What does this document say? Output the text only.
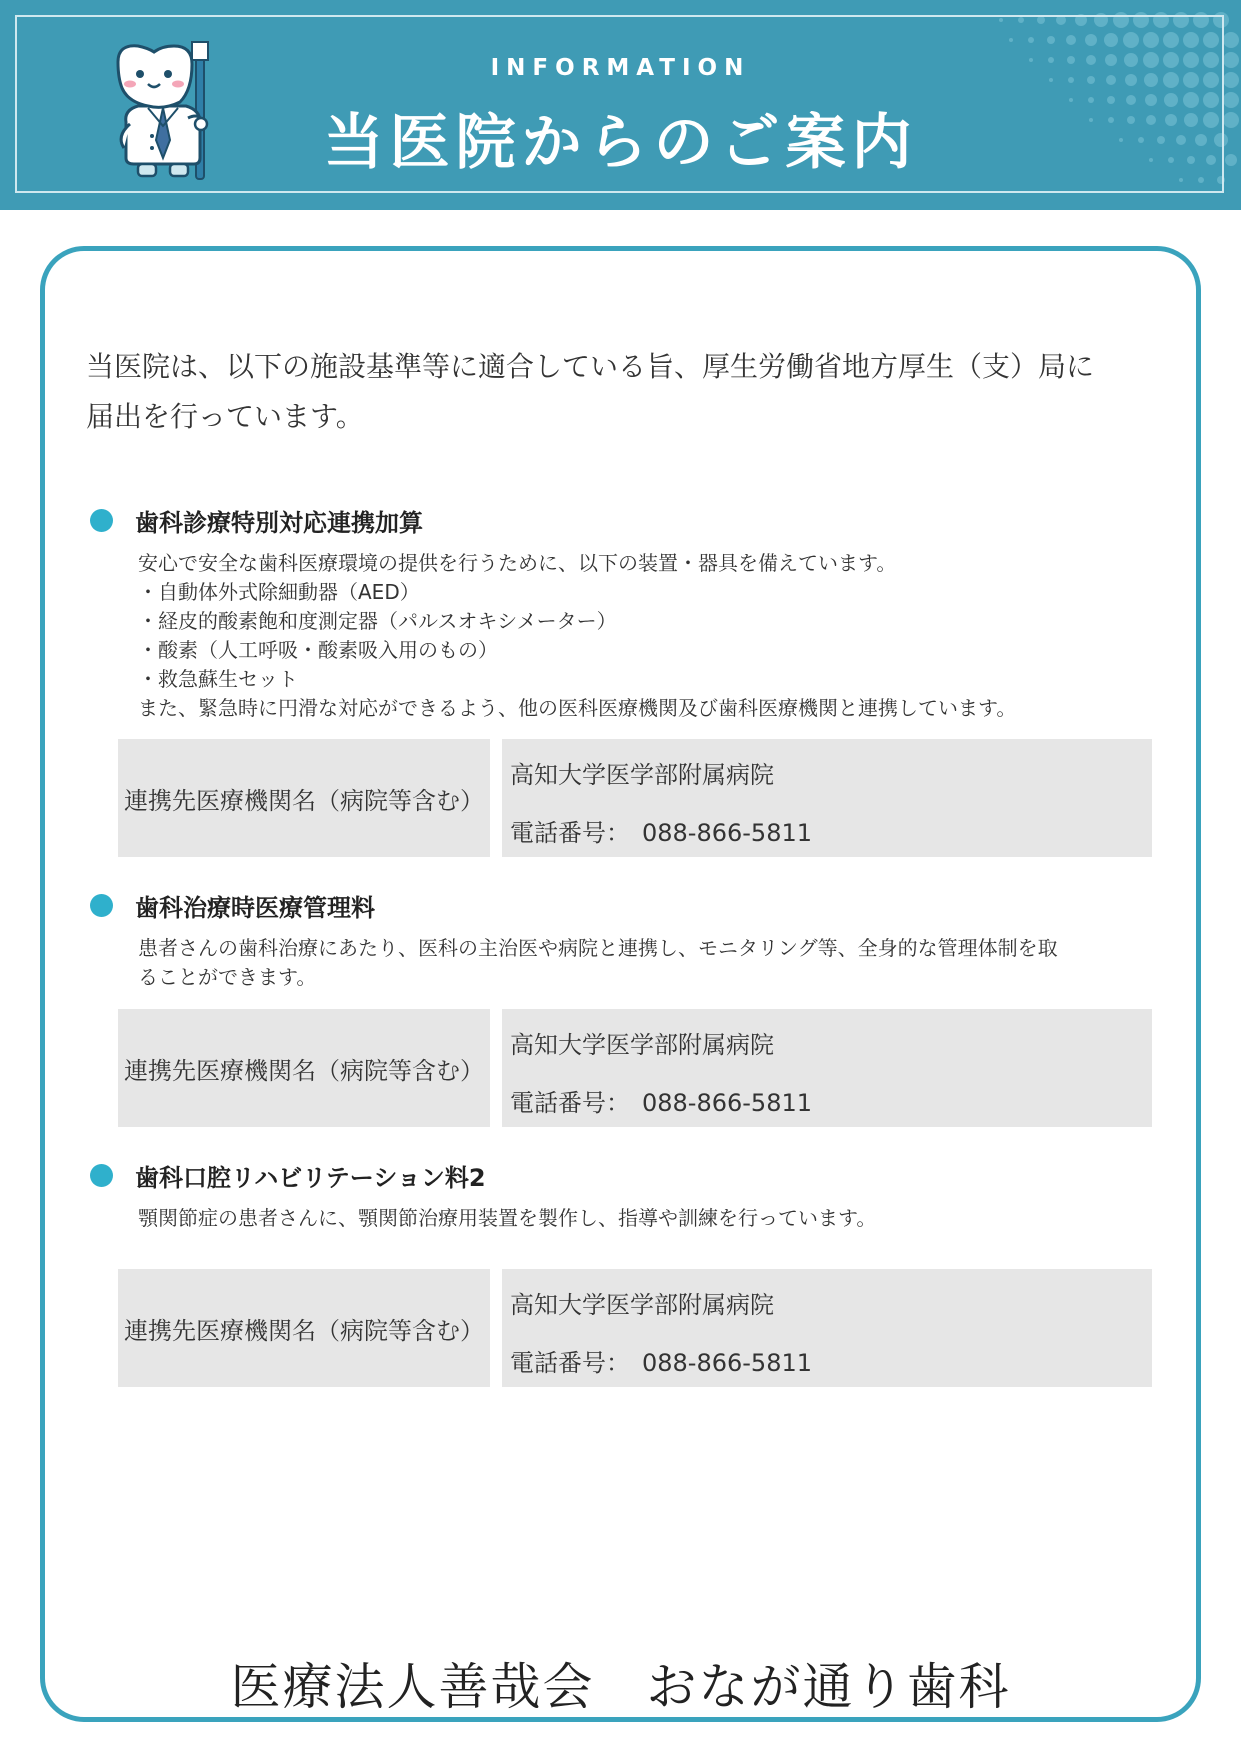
INFORMATION
当医院からのご案内
当医院は、以下の施設基準等に適合している旨、厚生労働省地方厚生（支）局に
届出を行っています。
歯科診療特別対応連携加算
安心で安全な歯科医療環境の提供を行うために、以下の装置・器具を備えています。
・自動体外式除細動器（AED）
・経皮的酸素飽和度測定器（パルスオキシメーター）
・酸素（人工呼吸・酸素吸入用のもの）
・救急蘇生セット
また、緊急時に円滑な対応ができるよう、他の医科医療機関及び歯科医療機関と連携しています。
連携先医療機関名（病院等含む）
高知大学医学部附属病院
電話番号：　088-866-5811
歯科治療時医療管理料
患者さんの歯科治療にあたり、医科の主治医や病院と連携し、モニタリング等、全身的な管理体制を取
ることができます。
連携先医療機関名（病院等含む）
高知大学医学部附属病院
電話番号：　088-866-5811
歯科口腔リハビリテーション料2
顎関節症の患者さんに、顎関節治療用装置を製作し、指導や訓練を行っています。
連携先医療機関名（病院等含む）
高知大学医学部附属病院
電話番号：　088-866-5811
医療法人善哉会　おなが通り歯科
